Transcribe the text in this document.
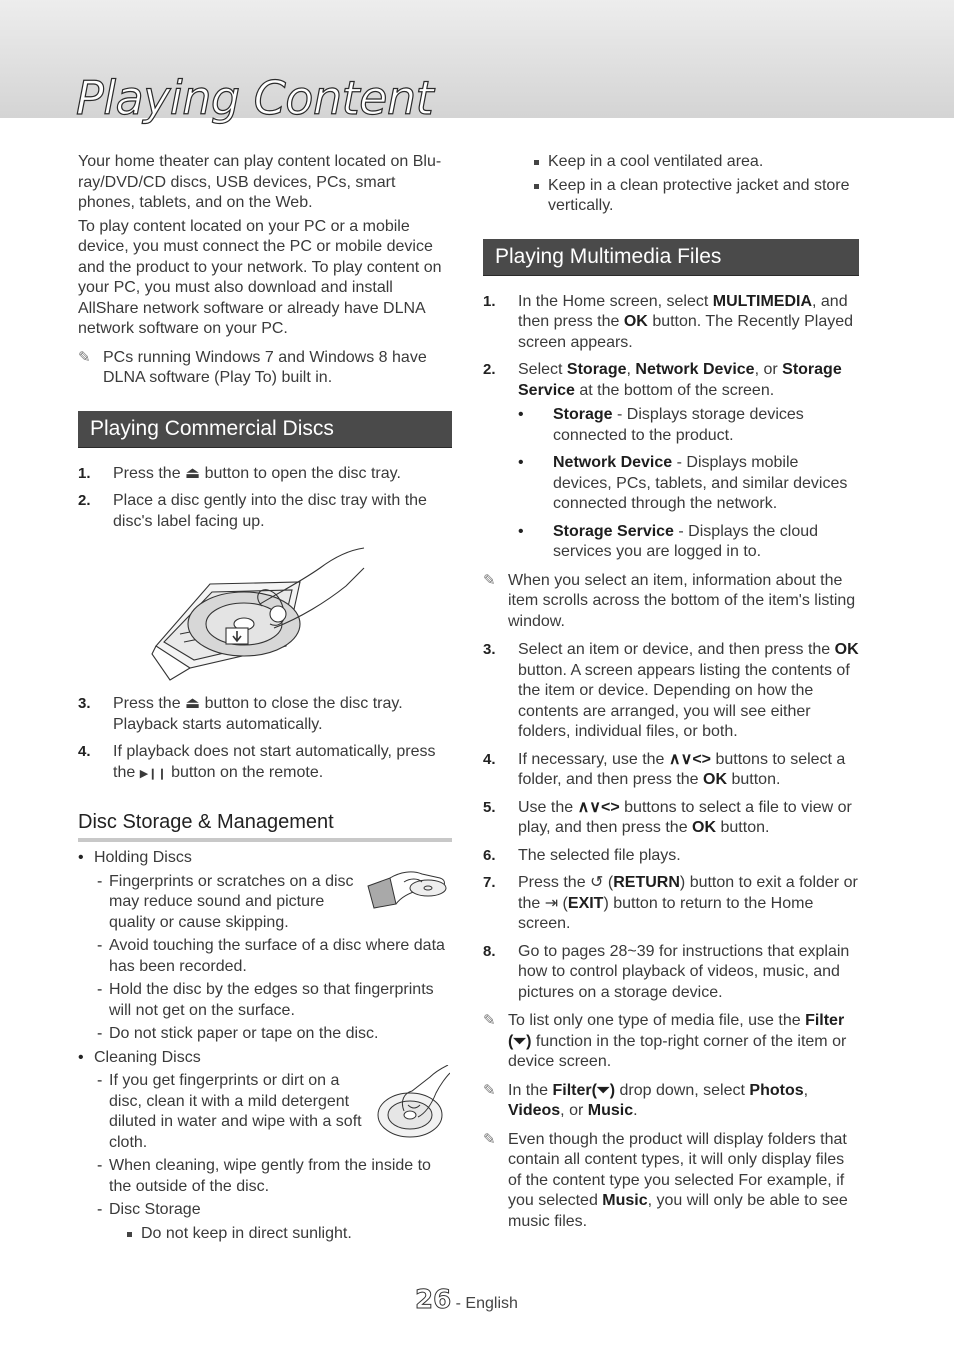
Playing Content

Your home theater can play content located on Blu-ray/DVD/CD discs, USB devices, PCs, smart phones, tablets, and on the Web.

To play content located on your PC or a mobile device, you must connect the PC or mobile device and the product to your network. To play content on your PC, you must also download and install AllShare network software or already have DLNA network software on your PC.

✎ PCs running Windows 7 and Windows 8 have DLNA software (Play To) built in.
Playing Commercial Discs
1. Press the ⏏ button to open the disc tray.
2. Place a disc gently into the disc tray with the disc's label facing up.
3. Press the ⏏ button to close the disc tray. Playback starts automatically.
4. If playback does not start automatically, press the ▶❙❙ button on the remote.
Disc Storage & Management
• Holding Discs
- Fingerprints or scratches on a disc may reduce sound and picture quality or cause skipping.
- Avoid touching the surface of a disc where data has been recorded.
- Hold the disc by the edges so that fingerprints will not get on the surface.
- Do not stick paper or tape on the disc.
• Cleaning Discs
- If you get fingerprints or dirt on a disc, clean it with a mild detergent diluted in water and wipe with a soft cloth.
- When cleaning, wipe gently from the inside to the outside of the disc.
- Disc Storage
Do not keep in direct sunlight.
Keep in a cool ventilated area.
Keep in a clean protective jacket and store vertically.
Playing Multimedia Files
1. In the Home screen, select MULTIMEDIA, and then press the OK button. The Recently Played screen appears.
2. Select Storage, Network Device, or Storage Service at the bottom of the screen.
• Storage - Displays storage devices connected to the product.
• Network Device - Displays mobile devices, PCs, tablets, and similar devices connected through the network.
• Storage Service - Displays the cloud services you are logged in to.
✎ When you select an item, information about the item scrolls across the bottom of the item's listing window.
3. Select an item or device, and then press the OK button. A screen appears listing the contents of the item or device. Depending on how the contents are arranged, you will see either folders, individual files, or both.
4. If necessary, use the ∧∨<> buttons to select a folder, and then press the OK button.
5. Use the ∧∨<> buttons to select a file to view or play, and then press the OK button.
6. The selected file plays.
7. Press the ↺ (RETURN) button to exit a folder or the ⇥ (EXIT) button to return to the Home screen.
8. Go to pages 28~39 for instructions that explain how to control playback of videos, music, and pictures on a storage device.
✎ To list only one type of media file, use the Filter (⏷) function in the top-right corner of the item or device screen.
✎ In the Filter(⏷) drop down, select Photos, Videos, or Music.
✎ Even though the product will display folders that contain all content types, it will only display files of the content type you selected For example, if you selected Music, you will only be able to see music files.
26 - English
